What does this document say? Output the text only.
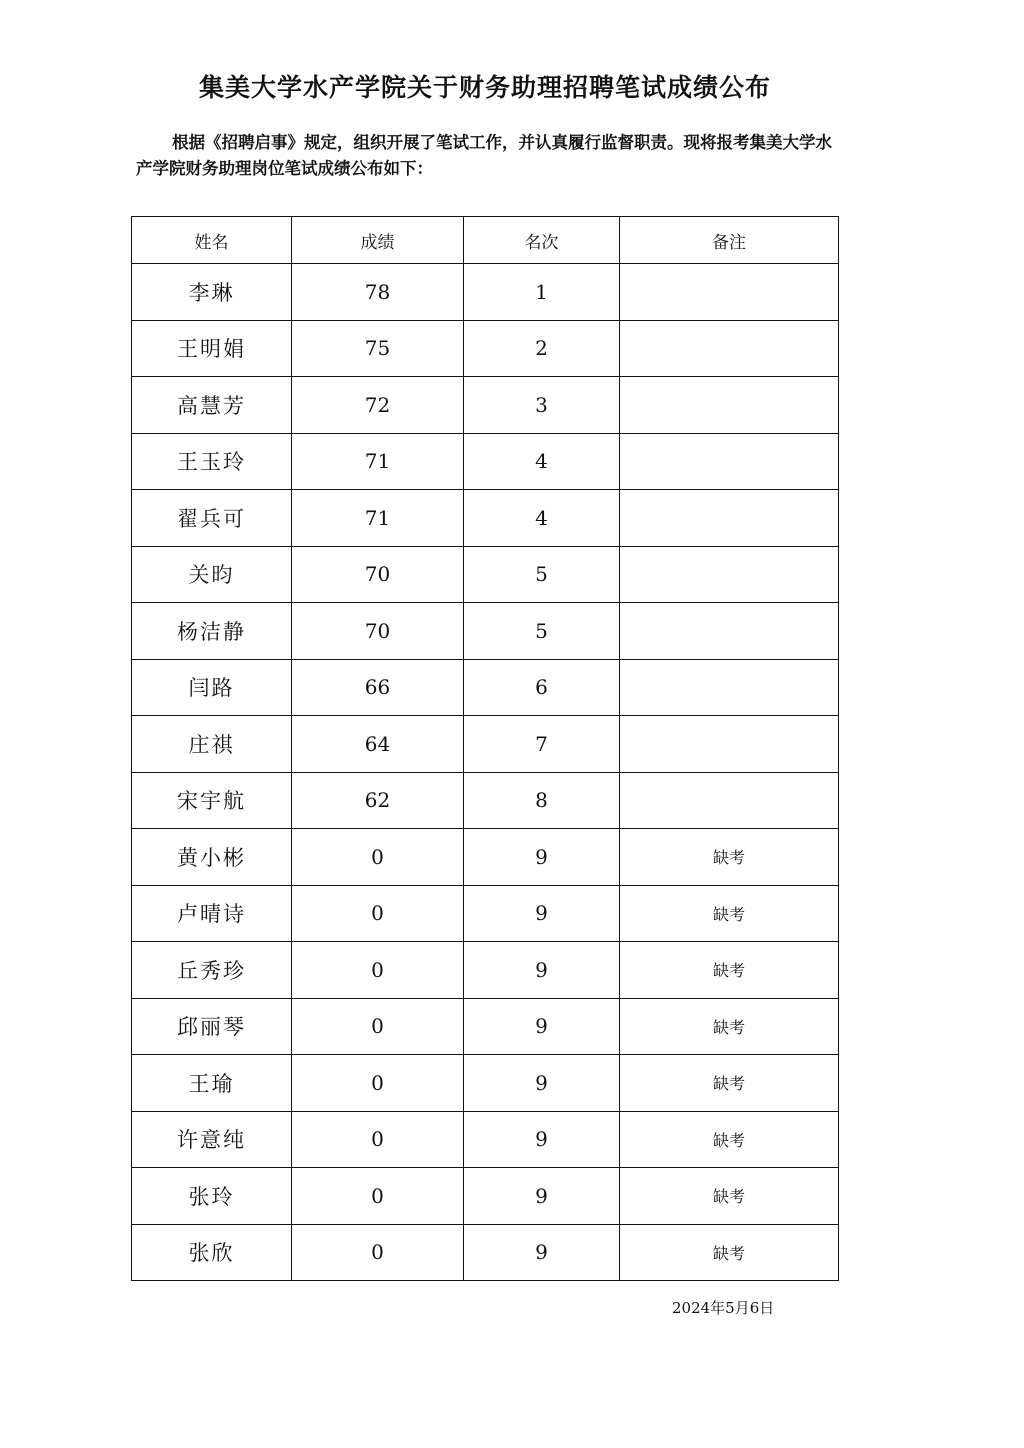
集美大学水产学院关于财务助理招聘笔试成绩公布
根据《招聘启事》规定，组织开展了笔试工作，并认真履行监督职责。现将报考集美大学水产学院财务助理岗位笔试成绩公布如下：
姓名	成绩	名次	备注
李琳	78	1	
王明娟	75	2	
高慧芳	72	3	
王玉玲	71	4	
翟兵可	71	4	
关昀	70	5	
杨洁静	70	5	
闫路	66	6	
庄祺	64	7	
宋宇航	62	8	
黄小彬	0	9	缺考
卢晴诗	0	9	缺考
丘秀珍	0	9	缺考
邱丽琴	0	9	缺考
王瑜	0	9	缺考
许意纯	0	9	缺考
张玲	0	9	缺考
张欣	0	9	缺考
2024年5月6日
